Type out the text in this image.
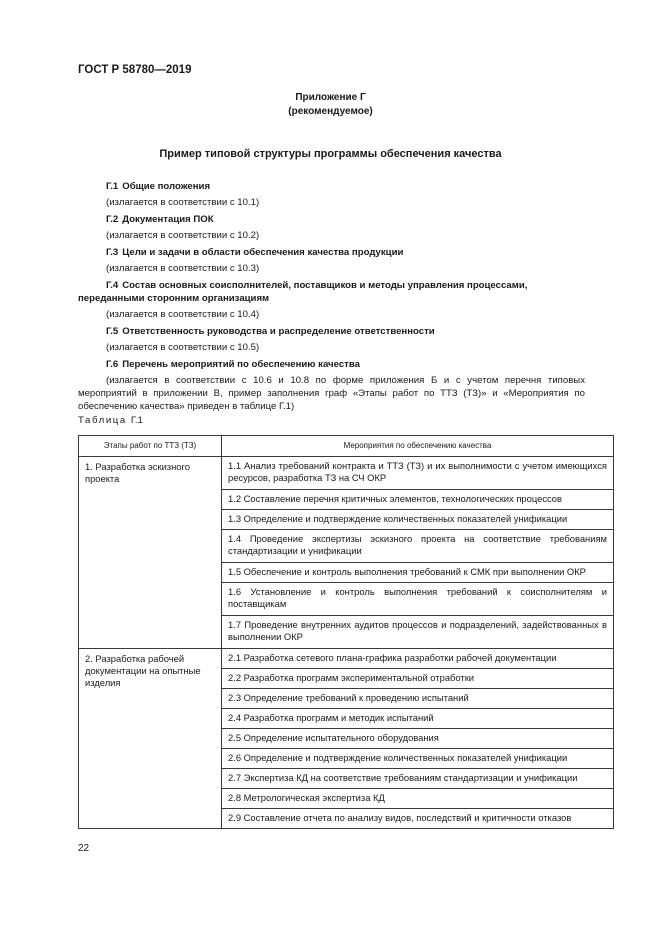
ГОСТ Р 58780—2019
Приложение Г
(рекомендуемое)
Пример типовой структуры программы обеспечения качества
Г.1 Общие положения
(излагается в соответствии с 10.1)
Г.2 Документация ПОК
(излагается в соответствии с 10.2)
Г.3 Цели и задачи в области обеспечения качества продукции
(излагается в соответствии с 10.3)
Г.4 Состав основных соисполнителей, поставщиков и методы управления процессами, переданными сторонним организациям
(излагается в соответствии с 10.4)
Г.5 Ответственность руководства и распределение ответственности
(излагается в соответствии с 10.5)
Г.6 Перечень мероприятий по обеспечению качества
(излагается в соответствии с 10.6 и 10.8 по форме приложения Б и с учетом перечня типовых мероприятий в приложении В, пример заполнения граф «Этапы работ по ТТЗ (ТЗ)» и «Мероприятия по обеспечению качества» приведен в таблице Г.1)
Таблица Г.1
Этапы работ по ТТЗ (ТЗ)	Мероприятия по обеспечению качества
1. Разработка эскизного проекта	1.1 Анализ требований контракта и ТТЗ (ТЗ) и их выполнимости с учетом имеющихся ресурсов, разработка ТЗ на СЧ ОКР
	1.2 Составление перечня критичных элементов, технологических процессов
	1.3 Определение и подтверждение количественных показателей унификации
	1.4 Проведение экспертизы эскизного проекта на соответствие требованиям стандартизации и унификации
	1.5 Обеспечение и контроль выполнения требований к СМК при выполнении ОКР
	1.6 Установление и контроль выполнения требований к соисполнителям и поставщикам
	1.7 Проведение внутренних аудитов процессов и подразделений, задействованных в выполнении ОКР
2. Разработка рабочей документации на опытные изделия	2.1 Разработка сетевого плана-графика разработки рабочей документации
	2.2 Разработка программ экспериментальной отработки
	2.3 Определение требований к проведению испытаний
	2.4 Разработка программ и методик испытаний
	2.5 Определение испытательного оборудования
	2.6 Определение и подтверждение количественных показателей унификации
	2.7 Экспертиза КД на соответствие требованиям стандартизации и унификации
	2.8 Метрологическая экспертиза КД
	2.9 Составление отчета по анализу видов, последствий и критичности отказов
22
